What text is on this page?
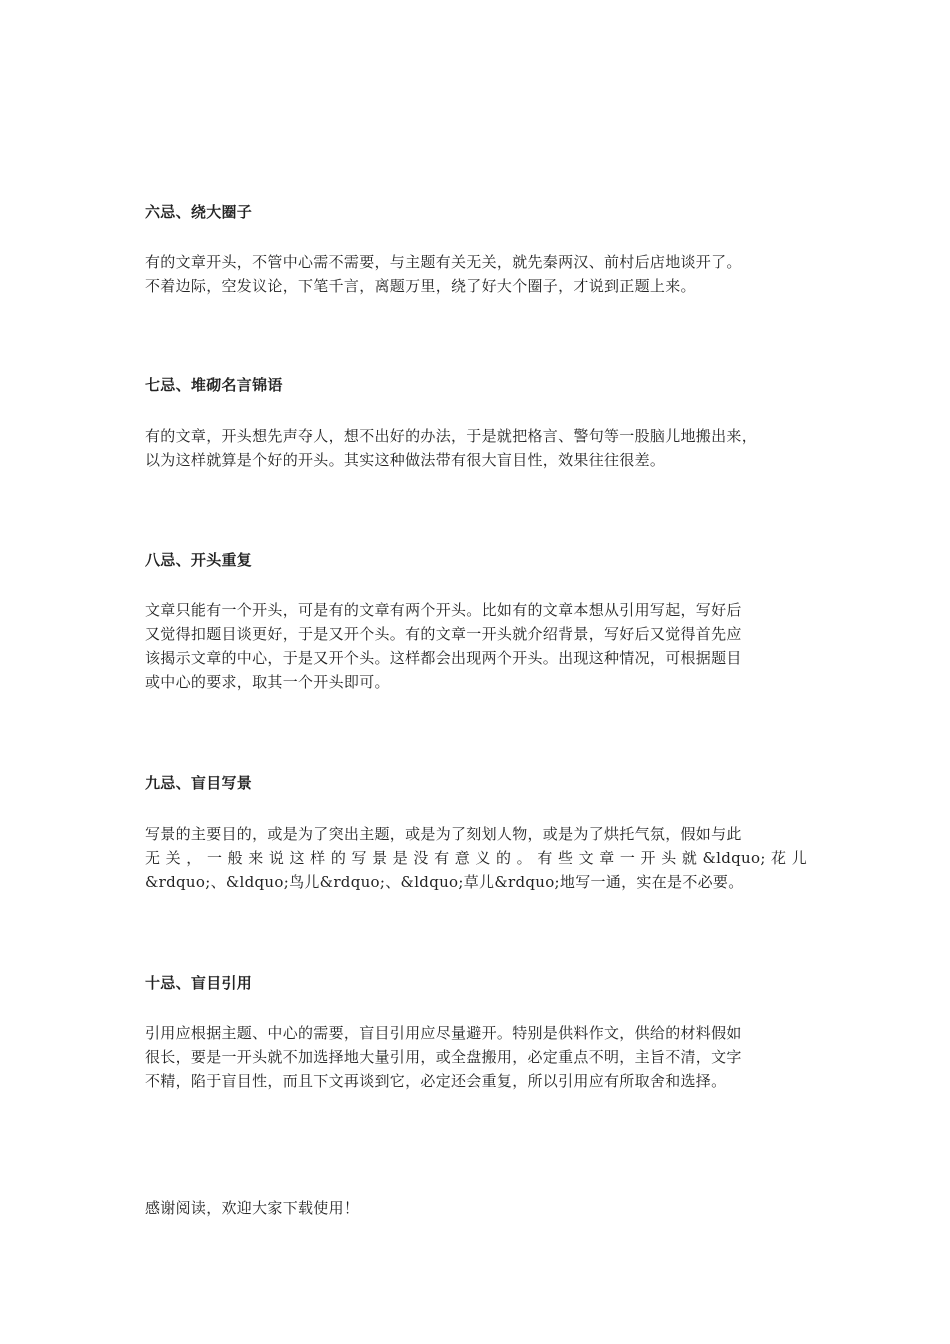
六忌、绕大圈子
有的文章开头，不管中心需不需要，与主题有关无关，就先秦两汉、前村后店地谈开了。
不着边际，空发议论，下笔千言，离题万里，绕了好大个圈子，才说到正题上来。
七忌、堆砌名言锦语
有的文章，开头想先声夺人，想不出好的办法，于是就把格言、警句等一股脑儿地搬出来，
以为这样就算是个好的开头。其实这种做法带有很大盲目性，效果往往很差。
八忌、开头重复
文章只能有一个开头，可是有的文章有两个开头。比如有的文章本想从引用写起，写好后
又觉得扣题目谈更好，于是又开个头。有的文章一开头就介绍背景，写好后又觉得首先应
该揭示文章的中心，于是又开个头。这样都会出现两个开头。出现这种情况，可根据题目
或中心的要求，取其一个开头即可。
九忌、盲目写景
写景的主要目的，或是为了突出主题，或是为了刻划人物，或是为了烘托气氛，假如与此
无关，一般来说这样的写景是没有意义的。有些文章一开头就&ldquo;花儿
&rdquo;、&ldquo;鸟儿&rdquo;、&ldquo;草儿&rdquo;地写一通，实在是不必要。
十忌、盲目引用
引用应根据主题、中心的需要，盲目引用应尽量避开。特别是供料作文，供给的材料假如
很长，要是一开头就不加选择地大量引用，或全盘搬用，必定重点不明，主旨不清，文字
不精，陷于盲目性，而且下文再谈到它，必定还会重复，所以引用应有所取舍和选择。

感谢阅读，欢迎大家下载使用！
